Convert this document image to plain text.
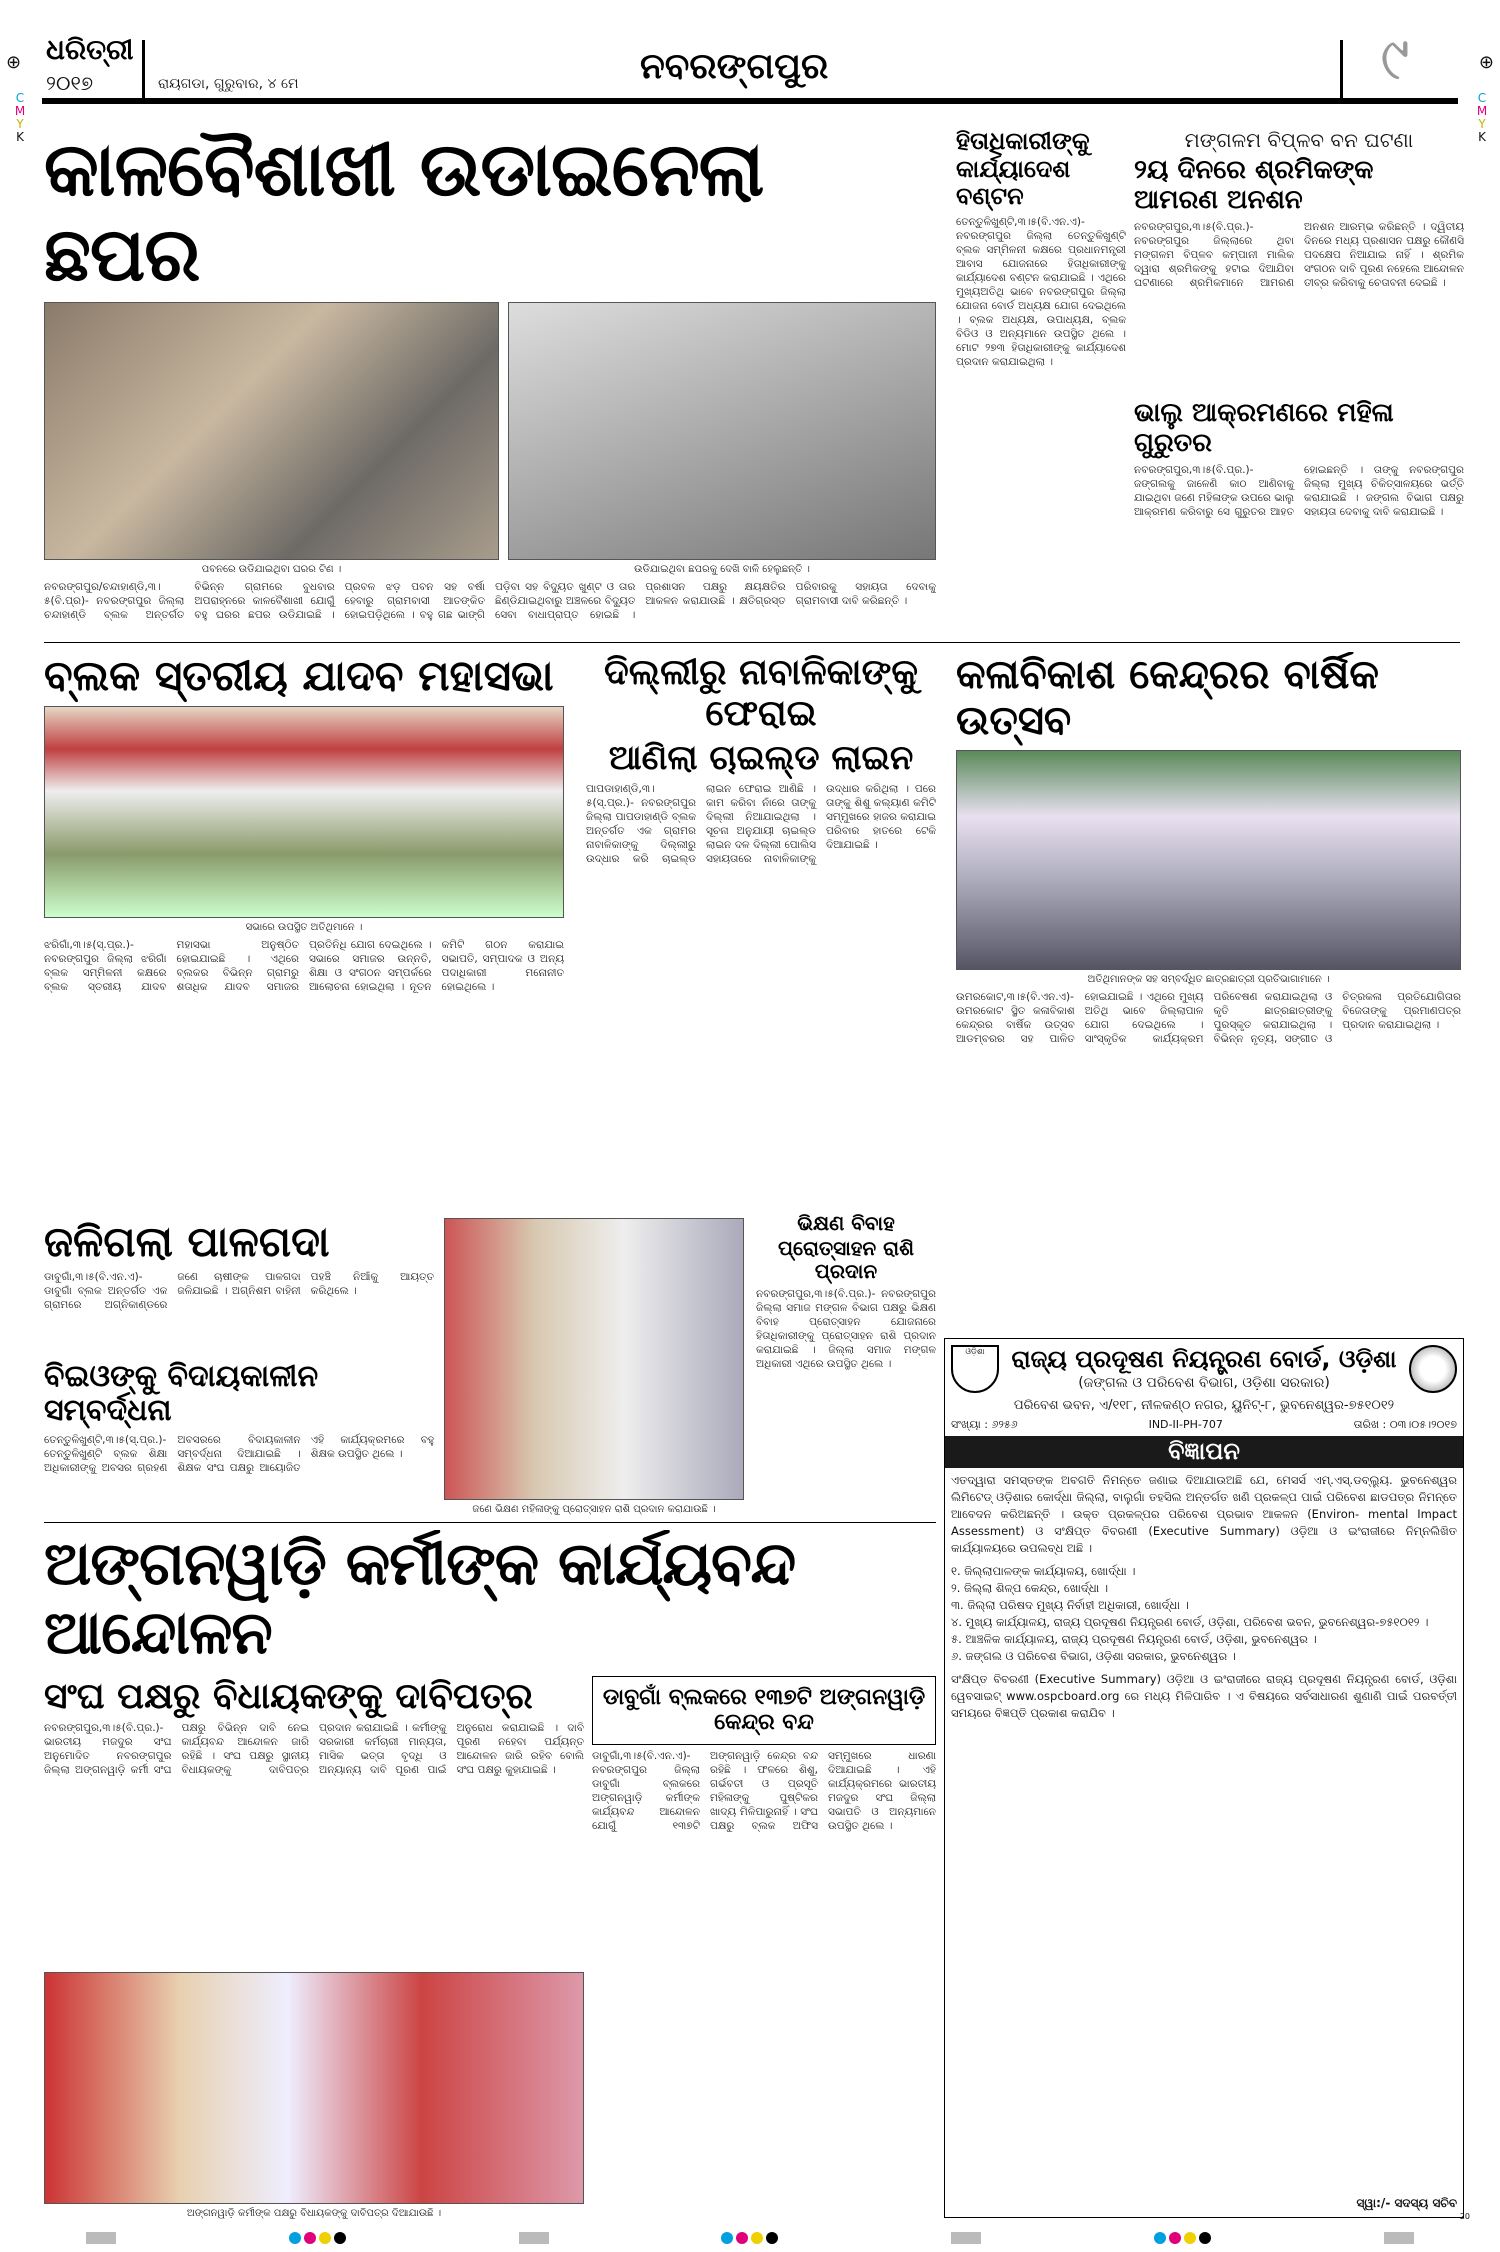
⊕	⊕
C
M
Y
K
C
M
Y
K
ଧରିତ୍ରୀ
୨୦୧୭	ରାୟଗଡା, ଗୁରୁବାର, ୪ ମେ	ନବରଙ୍ଗପୁର	୯
କାଳବୈଶାଖୀ ଉଡାଇନେଲା ଛପର
ପବନରେ ଉଡିଯାଇଥିବା ଘରର ଟିଣ ।	ଉଡିଯାଇଥିବା ଛପରକୁ ଦେଖି ବାଳି ହେଲୁଛନ୍ତି ।
ନବରଙ୍ଗପୁର/ଚନ୍ଦାହାଣ୍ଡି,୩।୫(ବି.ପ୍ର)- ନବରଙ୍ଗପୁର ଜିଲ୍ଲା ଚନ୍ଦାହାଣ୍ଡି ବ୍ଲକ ଅନ୍ତର୍ଗତ ବିଭିନ୍ନ ଗ୍ରାମରେ ବୁଧବାର ଅପରାହ୍ନରେ କାଳବୈଶାଖୀ ଯୋଗୁଁ ବହୁ ଘରର ଛପର ଉଡିଯାଇଛି । ପ୍ରବଳ ଝଡ଼ ପବନ ସହ ବର୍ଷା ହେବାରୁ ଗ୍ରାମବାସୀ ଆତଙ୍କିତ ହୋଇପଡ଼ିଥିଲେ । ବହୁ ଗଛ ଭାଙ୍ଗି ପଡ଼ିବା ସହ ବିଦ୍ୟୁତ ଖୁଣ୍ଟ ଓ ତାର ଛିଣ୍ଡିଯାଇଥିବାରୁ ଅଞ୍ଚଳରେ ବିଦ୍ୟୁତ ସେବା ବାଧାପ୍ରାପ୍ତ ହୋଇଛି । ପ୍ରଶାସନ ପକ୍ଷରୁ କ୍ଷୟକ୍ଷତିର ଆକଳନ କରାଯାଉଛି । କ୍ଷତିଗ୍ରସ୍ତ ପରିବାରକୁ ସହାୟତା ଦେବାକୁ ଗ୍ରାମବାସୀ ଦାବି କରିଛନ୍ତି ।
ହିତାଧିକାରୀଙ୍କୁ କାର୍ଯ୍ୟାଦେଶ ବଣ୍ଟନ
ତେନ୍ତୁଳିଖୁଣ୍ଟି,୩।୫(ବି.ଏନ.ଏ)- ନବରଙ୍ଗପୁର ଜିଲ୍ଲା ତେନ୍ତୁଳିଖୁଣ୍ଟି ବ୍ଲକ ସମ୍ମିଳନୀ କକ୍ଷରେ ପ୍ରଧାନମନ୍ତ୍ରୀ ଆବାସ ଯୋଜନାରେ ହିତାଧିକାରୀଙ୍କୁ କାର୍ଯ୍ୟାଦେଶ ବଣ୍ଟନ କରାଯାଇଛି । ଏଥିରେ ମୁଖ୍ୟଅତିଥି ଭାବେ ନବରଙ୍ଗପୁର ଜିଲ୍ଲା ଯୋଜନା ବୋର୍ଡ ଅଧ୍ୟକ୍ଷ ଯୋଗ ଦେଇଥିଲେ । ବ୍ଲକ ଅଧ୍ୟକ୍ଷ, ଉପାଧ୍ୟକ୍ଷ, ବ୍ଲକ ବିଡିଓ ଓ ଅନ୍ୟମାନେ ଉପସ୍ଥିତ ଥିଲେ । ମୋଟ ୨୭୩ ହିତାଧିକାରୀଙ୍କୁ କାର୍ଯ୍ୟାଦେଶ ପ୍ରଦାନ କରାଯାଇଥିଲା ।
ମଙ୍ଗଳମ ବିପ୍ଳବ ବନ ଘଟଣା
୨ୟ ଦିନରେ ଶ୍ରମିକଙ୍କ ଆମରଣ ଅନଶନ
ନବରଙ୍ଗପୁର,୩।୫(ବି.ପ୍ର.)- ନବରଙ୍ଗପୁର ଜିଲ୍ଲାରେ ଥିବା ମଙ୍ଗଳମ ବିପ୍ଳବ କମ୍ପାନୀ ମାଲିକ ଦ୍ୱାରା ଶ୍ରମିକଙ୍କୁ ହଟାଇ ଦିଆଯିବା ଘଟଣାରେ ଶ୍ରମିକମାନେ ଆମରଣ ଅନଶନ ଆରମ୍ଭ କରିଛନ୍ତି । ଦ୍ୱିତୀୟ ଦିନରେ ମଧ୍ୟ ପ୍ରଶାସନ ପକ୍ଷରୁ କୌଣସି ପଦକ୍ଷେପ ନିଆଯାଇ ନାହିଁ । ଶ୍ରମିକ ସଂଗଠନ ଦାବି ପୂରଣ ନହେଲେ ଆନ୍ଦୋଳନ ତୀବ୍ର କରିବାକୁ ଚେତାବନୀ ଦେଇଛି ।
ଭାଲୁ ଆକ୍ରମଣରେ ମହିଳା ଗୁରୁତର
ନବରଙ୍ଗପୁର,୩।୫(ବି.ପ୍ର.)- ଜଙ୍ଗଲକୁ ଜାଳେଣି କାଠ ଆଣିବାକୁ ଯାଇଥିବା ଜଣେ ମହିଳାଙ୍କ ଉପରେ ଭାଲୁ ଆକ୍ରମଣ କରିବାରୁ ସେ ଗୁରୁତର ଆହତ ହୋଇଛନ୍ତି । ତାଙ୍କୁ ନବରଙ୍ଗପୁର ଜିଲ୍ଲା ମୁଖ୍ୟ ଚିକିତ୍ସାଳୟରେ ଭର୍ତ୍ତି କରାଯାଇଛି । ଜଙ୍ଗଲ ବିଭାଗ ପକ୍ଷରୁ ସହାୟତା ଦେବାକୁ ଦାବି କରାଯାଇଛି ।
ବ୍ଲକ ସ୍ତରୀୟ ଯାଦବ ମହାସଭା
ସଭାରେ ଉପସ୍ଥିତ ଅତିଥିମାନେ ।
ଝରିଗାଁ,୩।୫(ସ୍.ପ୍ର.)- ନବରଙ୍ଗପୁର ଜିଲ୍ଲା ଝରିଗାଁ ବ୍ଲକ ସମ୍ମିଳନୀ କକ୍ଷରେ ବ୍ଲକ ସ୍ତରୀୟ ଯାଦବ ମହାସଭା ଅନୁଷ୍ଠିତ ହୋଇଯାଇଛି । ଏଥିରେ ବ୍ଲକର ବିଭିନ୍ନ ଗ୍ରାମରୁ ଶତାଧିକ ଯାଦବ ସମାଜର ପ୍ରତିନିଧି ଯୋଗ ଦେଇଥିଲେ । ସଭାରେ ସମାଜର ଉନ୍ନତି, ଶିକ୍ଷା ଓ ସଂଗଠନ ସମ୍ପର୍କରେ ଆଲୋଚନା ହୋଇଥିଲା । ନୂତନ କମିଟି ଗଠନ କରାଯାଇ ସଭାପତି, ସମ୍ପାଦକ ଓ ଅନ୍ୟ ପଦାଧିକାରୀ ମନୋନୀତ ହୋଇଥିଲେ ।
ଦିଲ୍ଲୀରୁ ନାବାଳିକାଙ୍କୁ ଫେରାଇ
ଆଣିଲା ଚାଇଲ୍ଡ ଲାଇନ
ପାପଡାହାଣ୍ଡି,୩।୫(ସ୍.ପ୍ର.)- ନବରଙ୍ଗପୁର ଜିଲ୍ଲା ପାପଡାହାଣ୍ଡି ବ୍ଲକ ଅନ୍ତର୍ଗତ ଏକ ଗ୍ରାମର ନାବାଳିକାଙ୍କୁ ଦିଲ୍ଲୀରୁ ଉଦ୍ଧାର କରି ଚାଇଲ୍ଡ ଲାଇନ ଫେରାଇ ଆଣିଛି । କାମ କରିବା ନାଁରେ ତାଙ୍କୁ ଦିଲ୍ଲୀ ନିଆଯାଇଥିଲା । ସୂଚନା ଅନୁଯାୟୀ ଚାଇଲ୍ଡ ଲାଇନ ଦଳ ଦିଲ୍ଲୀ ପୋଲିସ ସହାୟତାରେ ନାବାଳିକାଙ୍କୁ ଉଦ୍ଧାର କରିଥିଲା । ପରେ ତାଙ୍କୁ ଶିଶୁ କଲ୍ୟାଣ କମିଟି ସମ୍ମୁଖରେ ହାଜର କରାଯାଇ ପରିବାର ହାତରେ ଟେକି ଦିଆଯାଇଛି ।
କଳାବିକାଶ କେନ୍ଦ୍ରର ବାର୍ଷିକ ଉତ୍ସବ
ଅତିଥିମାନଙ୍କ ସହ ସମ୍ବର୍ଦ୍ଧିତ ଛାତ୍ରଛାତ୍ରୀ ପ୍ରତିଭାଗାମାନେ ।
ଉମରକୋଟ,୩।୫(ବି.ଏନ.ଏ)- ଉମରକୋଟ ସ୍ଥିତ କଳାବିକାଶ କେନ୍ଦ୍ରର ବାର୍ଷିକ ଉତ୍ସବ ଆଡମ୍ବରର ସହ ପାଳିତ ହୋଇଯାଇଛି । ଏଥିରେ ମୁଖ୍ୟ ଅତିଥି ଭାବେ ଜିଲ୍ଲାପାଳ ଯୋଗ ଦେଇଥିଲେ । ସାଂସ୍କୃତିକ କାର୍ଯ୍ୟକ୍ରମ ପରିବେଷଣ କରାଯାଇଥିଲା ଓ କୃତି ଛାତ୍ରଛାତ୍ରୀଙ୍କୁ ପୁରସ୍କୃତ କରାଯାଇଥିଲା । ବିଭିନ୍ନ ନୃତ୍ୟ, ସଙ୍ଗୀତ ଓ ଚିତ୍ରକଳା ପ୍ରତିଯୋଗିତାର ବିଜେତାଙ୍କୁ ପ୍ରମାଣପତ୍ର ପ୍ରଦାନ କରାଯାଇଥିଲା ।
ଜଳିଗଲା ପାଳଗଦା
ଡାବୁଗାଁ,୩।୫(ବି.ଏନ.ଏ)- ଡାବୁଗାଁ ବ୍ଲକ ଅନ୍ତର୍ଗତ ଏକ ଗ୍ରାମରେ ଅଗ୍ନିକାଣ୍ଡରେ ଜଣେ ଚାଷୀଙ୍କ ପାଳଗଦା ଜଳିଯାଇଛି । ଅଗ୍ନିଶମ ବାହିନୀ ପହଞ୍ଚି ନିଆଁକୁ ଆୟତ୍ତ କରିଥିଲେ ।
ବିଇଓଙ୍କୁ ବିଦାୟକାଳୀନ ସମ୍ବର୍ଦ୍ଧନା
ତେନ୍ତୁଳିଖୁଣ୍ଟି,୩।୫(ସ୍.ପ୍ର.)- ତେନ୍ତୁଳିଖୁଣ୍ଟି ବ୍ଲକ ଶିକ୍ଷା ଅଧିକାରୀଙ୍କୁ ଅବସର ଗ୍ରହଣ ଅବସରରେ ବିଦାୟକାଳୀନ ସମ୍ବର୍ଦ୍ଧନା ଦିଆଯାଇଛି । ଶିକ୍ଷକ ସଂଘ ପକ୍ଷରୁ ଆୟୋଜିତ ଏହି କାର୍ଯ୍ୟକ୍ରମରେ ବହୁ ଶିକ୍ଷକ ଉପସ୍ଥିତ ଥିଲେ ।
ଜଣେ ଭିକ୍ଷଣ ମହିଳାଙ୍କୁ ପ୍ରୋତ୍ସାହନ ରାଶି ପ୍ରଦାନ କରାଯାଉଛି ।
ଭିକ୍ଷଣ ବିବାହ
ପ୍ରୋତ୍ସାହନ ରାଶି ପ୍ରଦାନ
ନବରଙ୍ଗପୁର,୩।୫(ବି.ପ୍ର.)- ନବରଙ୍ଗପୁର ଜିଲ୍ଲା ସମାଜ ମଙ୍ଗଳ ବିଭାଗ ପକ୍ଷରୁ ଭିକ୍ଷଣ ବିବାହ ପ୍ରୋତ୍ସାହନ ଯୋଜନାରେ ହିତାଧିକାରୀଙ୍କୁ ପ୍ରୋତ୍ସାହନ ରାଶି ପ୍ରଦାନ କରାଯାଇଛି । ଜିଲ୍ଲା ସମାଜ ମଙ୍ଗଳ ଅଧିକାରୀ ଏଥିରେ ଉପସ୍ଥିତ ଥିଲେ ।
ଓଡ଼ିଶା	ରାଜ୍ୟ ପ୍ରଦୂଷଣ ନିୟନ୍ତ୍ରଣ ବୋର୍ଡ, ଓଡ଼ିଶା
(ଜଙ୍ଗଲ ଓ ପରିବେଶ ବିଭାଗ, ଓଡ଼ିଶା ସରକାର)
ପରିବେଶ ଭବନ, ଏ/୧୧୮, ନୀଳକଣ୍ଠ ନଗର, ୟୁନିଟ୍-୮, ଭୁବନେଶ୍ୱର-୭୫୧୦୧୨
ସଂଖ୍ୟା : ୬୨୫୬	IND-II-PH-707	ତାରିଖ : ୦୩।୦୫।୨୦୧୭
ବିଜ୍ଞାପନ
ଏତଦ୍ୱାରା ସମସ୍ତଙ୍କ ଅବଗତି ନିମନ୍ତେ ଜଣାଇ ଦିଆଯାଉଅଛି ଯେ, ମେସର୍ସ ଏମ୍.ଏସ୍.ଡବ୍ଲ୍ୟୁ. ଭୁବନେଶ୍ୱର ଲିମିଟେଡ୍ ଓଡ଼ିଶାର କୋର୍ଦ୍ଧା ଜିଲ୍ଲା, ବାଲୁଗାଁ ତହସିଲ ଅନ୍ତର୍ଗତ ଖଣି ପ୍ରକଳ୍ପ ପାଇଁ ପରିବେଶ ଛାଡପତ୍ର ନିମନ୍ତେ ଆବେଦନ କରିଅଛନ୍ତି । ଉକ୍ତ ପ୍ରକଳ୍ପର ପରିବେଶ ପ୍ରଭାବ ଆକଳନ (Environ- mental Impact Assessment) ଓ ସଂକ୍ଷିପ୍ତ ବିବରଣୀ (Executive Summary) ଓଡ଼ିଆ ଓ ଇଂରାଜୀରେ ନିମ୍ନଲିଖିତ କାର୍ଯ୍ୟାଳୟରେ ଉପଲବ୍ଧ ଅଛି ।
୧. ଜିଲ୍ଲାପାଳଙ୍କ କାର୍ଯ୍ୟାଳୟ, ଖୋର୍ଦ୍ଧା ।
୨. ଜିଲ୍ଲା ଶିଳ୍ପ କେନ୍ଦ୍ର, ଖୋର୍ଦ୍ଧା ।
୩. ଜିଲ୍ଲା ପରିଷଦ ମୁଖ୍ୟ ନିର୍ବାହୀ ଅଧିକାରୀ, ଖୋର୍ଦ୍ଧା ।
୪. ମୁଖ୍ୟ କାର୍ଯ୍ୟାଳୟ, ରାଜ୍ୟ ପ୍ରଦୂଷଣ ନିୟନ୍ତ୍ରଣ ବୋର୍ଡ, ଓଡ଼ିଶା, ପରିବେଶ ଭବନ, ଭୁବନେଶ୍ୱର-୭୫୧୦୧୨ ।
୫. ଆଞ୍ଚଳିକ କାର୍ଯ୍ୟାଳୟ, ରାଜ୍ୟ ପ୍ରଦୂଷଣ ନିୟନ୍ତ୍ରଣ ବୋର୍ଡ, ଓଡ଼ିଶା, ଭୁବନେଶ୍ୱର ।
୬. ଜଙ୍ଗଲ ଓ ପରିବେଶ ବିଭାଗ, ଓଡ଼ିଶା ସରକାର, ଭୁବନେଶ୍ୱର ।
ସଂକ୍ଷିପ୍ତ ବିବରଣୀ (Executive Summary) ଓଡ଼ିଆ ଓ ଇଂରାଜୀରେ ରାଜ୍ୟ ପ୍ରଦୂଷଣ ନିୟନ୍ତ୍ରଣ ବୋର୍ଡ, ଓଡ଼ିଶା ୱେବସାଇଟ୍ www.ospcboard.org ରେ ମଧ୍ୟ ମିଳିପାରିବ । ଏ ବିଷୟରେ ସର୍ବସାଧାରଣ ଶୁଣାଣି ପାଇଁ ପରବର୍ତ୍ତୀ ସମୟରେ ବିଜ୍ଞପ୍ତି ପ୍ରକାଶ କରାଯିବ ।
ସ୍ୱା:/- ସଦସ୍ୟ ସଚିବ
ଅଙ୍ଗନୱାଡ଼ି କର୍ମୀଙ୍କ କାର୍ଯ୍ୟବନ୍ଦ ଆନ୍ଦୋଳନ
ସଂଘ ପକ୍ଷରୁ ବିଧାୟକଙ୍କୁ ଦାବିପତ୍ର
ନବରଙ୍ଗପୁର,୩।୫(ବି.ପ୍ର.)- ଭାରତୀୟ ମଜଦୁର ସଂଘ ଅନୁମୋଦିତ ନବରଙ୍ଗପୁର ଜିଲ୍ଲା ଅଙ୍ଗନୱାଡ଼ି କର୍ମୀ ସଂଘ ପକ୍ଷରୁ ବିଭିନ୍ନ ଦାବି ନେଇ କାର୍ଯ୍ୟବନ୍ଦ ଆନ୍ଦୋଳନ ଜାରି ରହିଛି । ସଂଘ ପକ୍ଷରୁ ସ୍ଥାନୀୟ ବିଧାୟକଙ୍କୁ ଦାବିପତ୍ର ପ୍ରଦାନ କରାଯାଇଛି । କର୍ମୀଙ୍କୁ ସରକାରୀ କର୍ମଚାରୀ ମାନ୍ୟତା, ମାସିକ ଭତ୍ତା ବୃଦ୍ଧି ଓ ଅନ୍ୟାନ୍ୟ ଦାବି ପୂରଣ ପାଇଁ ଅନୁରୋଧ କରାଯାଇଛି । ଦାବି ପୂରଣ ନହେବା ପର୍ଯ୍ୟନ୍ତ ଆନ୍ଦୋଳନ ଜାରି ରହିବ ବୋଲି ସଂଘ ପକ୍ଷରୁ କୁହାଯାଇଛି ।
ଅଙ୍ଗନୱାଡ଼ି କର୍ମୀଙ୍କ ପକ୍ଷରୁ ବିଧାୟକଙ୍କୁ ଦାବିପତ୍ର ଦିଆଯାଉଛି ।
ଡାବୁଗାଁ ବ୍ଲକରେ ୧୩୭ଟି ଅଙ୍ଗନୱାଡ଼ି କେନ୍ଦ୍ର ବନ୍ଦ
ଡାବୁଗାଁ,୩।୫(ବି.ଏନ.ଏ)- ନବରଙ୍ଗପୁର ଜିଲ୍ଲା ଡାବୁଗାଁ ବ୍ଲକରେ ଅଙ୍ଗନୱାଡ଼ି କର୍ମୀଙ୍କ କାର୍ଯ୍ୟବନ୍ଦ ଆନ୍ଦୋଳନ ଯୋଗୁଁ ୧୩୭ଟି ଅଙ୍ଗନୱାଡ଼ି କେନ୍ଦ୍ର ବନ୍ଦ ରହିଛି । ଫଳରେ ଶିଶୁ, ଗର୍ଭବତୀ ଓ ପ୍ରସୂତି ମହିଳାଙ୍କୁ ପୁଷ୍ଟିକର ଖାଦ୍ୟ ମିଳିପାରୁନାହିଁ । ସଂଘ ପକ୍ଷରୁ ବ୍ଲକ ଅଫିସ ସମ୍ମୁଖରେ ଧାରଣା ଦିଆଯାଇଛି । ଏହି କାର୍ଯ୍ୟକ୍ରମରେ ଭାରତୀୟ ମଜଦୁର ସଂଘ ଜିଲ୍ଲା ସଭାପତି ଓ ଅନ୍ୟମାନେ ଉପସ୍ଥିତ ଥିଲେ ।
20
